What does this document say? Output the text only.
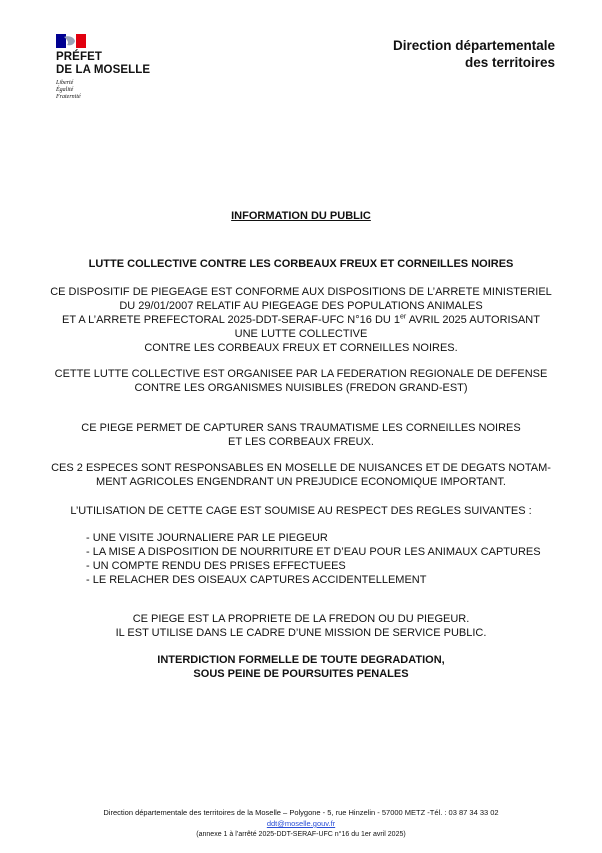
PRÉFET
DE LA MOSELLE
Liberté
Égalité
Fraternité
Direction départementale
des territoires
INFORMATION DU PUBLIC
LUTTE COLLECTIVE CONTRE LES CORBEAUX FREUX ET CORNEILLES NOIRES
CE DISPOSITIF DE PIEGEAGE EST CONFORME AUX DISPOSITIONS DE L’ARRETE MINISTERIEL
DU 29/01/2007 RELATIF AU PIEGEAGE DES POPULATIONS ANIMALES
ET A L’ARRETE PREFECTORAL 2025-DDT-SERAF-UFC N°16 DU 1er AVRIL 2025 AUTORISANT
UNE LUTTE COLLECTIVE
CONTRE LES CORBEAUX FREUX ET CORNEILLES NOIRES.
CETTE LUTTE COLLECTIVE EST ORGANISEE PAR LA FEDERATION REGIONALE DE DEFENSE
CONTRE LES ORGANISMES NUISIBLES (FREDON GRAND-EST)
CE PIEGE PERMET DE CAPTURER SANS TRAUMATISME LES CORNEILLES NOIRES
ET LES CORBEAUX FREUX.
CES 2 ESPECES SONT RESPONSABLES EN MOSELLE DE NUISANCES ET DE DEGATS NOTAM-
MENT AGRICOLES ENGENDRANT UN PREJUDICE ECONOMIQUE IMPORTANT.
L’UTILISATION DE CETTE CAGE EST SOUMISE AU RESPECT DES REGLES SUIVANTES :
- UNE VISITE JOURNALIERE PAR LE PIEGEUR
- LA MISE A DISPOSITION DE NOURRITURE ET D’EAU POUR LES ANIMAUX CAPTURES
- UN COMPTE RENDU DES PRISES EFFECTUEES
- LE RELACHER DES OISEAUX CAPTURES ACCIDENTELLEMENT
CE PIEGE EST LA PROPRIETE DE LA FREDON OU DU PIEGEUR.
IL EST UTILISE DANS LE CADRE D’UNE MISSION DE SERVICE PUBLIC.
INTERDICTION FORMELLE DE TOUTE DEGRADATION,
SOUS PEINE DE POURSUITES PENALES
Direction départementale des territoires de la Moselle – Polygone - 5, rue Hinzelin - 57000 METZ -Tél. : 03 87 34 33 02
ddt@moselle.gouv.fr
(annexe 1 à l’arrêté 2025-DDT-SERAF-UFC n°16 du 1er avril 2025)
